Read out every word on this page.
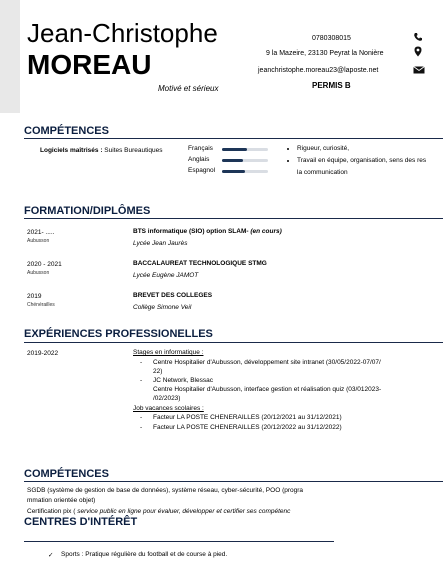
Jean-Christophe
MOREAU
Motivé et sérieux
0780308015
9 la Mazeire, 23130 Peyrat la Nonière
jeanchristophe.moreau23@laposte.net
PERMIS B
COMPÉTENCES
Logiciels maîtrisés : Suites Bureautiques	Français
Anglais
Espagnol
Rigueur, curiosité,
Travail en équipe, organisation, sens des res
la communication
FORMATION/DIPLÔMES
2021- .....
Aubusson
BTS informatique (SIO) option SLAM- (en cours)
Lycée Jean Jaurès
2020 - 2021
Aubusson
BACCALAUREAT TECHNOLOGIQUE STMG
Lycée Eugène JAMOT
2019
Chénérailles
BREVET DES COLLEGES
Collège Simone Veil
EXPÉRIENCES PROFESSIONELLES
2019-2022	Stages en informatique :
- Centre Hospitalier d'Aubusson, développement site intranet (30/05/2022-07/07/
22)
- JC Network, Blessac
Centre Hospitalier d'Aubusson, interface gestion et réalisation quiz (03/012023-
/02/2023)
Job vacances scolaires :
- Facteur LA POSTE CHENERAILLES (20/12/2021 au 31/12/2021)
- Facteur LA POSTE CHENERAILLES (20/12/2022 au 31/12/2022)
COMPÉTENCES
SGDB (système de gestion de base de données), système réseau, cyber-sécurité, POO (progra
mmation orientée objet)
Certification pix ( service public en ligne pour évaluer, développer et certifier ses compétenc
CENTRES D'INTÉRÊT
✓ Sports : Pratique régulière du football et de course à pied.
